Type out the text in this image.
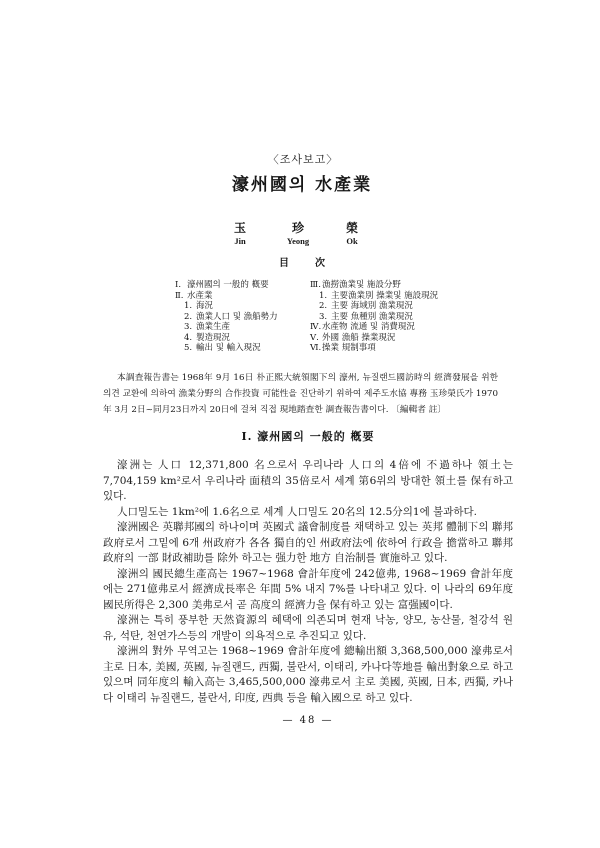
〈조사보고〉
濠州國의 水產業
玉
Jin
珍
Yeong
榮
Ok
目　次
Ⅰ. 濠州國의 一般的 槪要
Ⅱ. 水產業
1. 海況
2. 漁業人口 및 漁船勢力
3. 漁業生產
4. 製造現況
5. 輸出 및 輸入現況
Ⅲ.漁撈漁業및 施設分野
1. 主要漁業別 操業및 施設現況
2. 主要 海域別 漁業現況
3. 主要 魚種別 漁業現況
Ⅳ.水產物 流通 및 消費現況
Ⅴ. 外國 漁船 操業現況
Ⅵ.操業 規制事項

本調査報告書는 1968年 9月 16日 朴正熙大統領閣下의 濠州, 뉴질랜드國訪時의 經濟發展을 위한 의견 교환에 의하여 漁業分野의 合作投資 可能性을 진단하기 위하여 제주도水協 專務 玉珍榮氏가 1970年 3月 2日~同月23日까지 20日에 걸쳐 직접 現地踏査한 調査報告書이다. 〔編輯者 註〕

Ⅰ. 濠州國의 一般的 槪要

濠洲는 人口 12,371,800 名으로서 우리나라 人口의 4倍에 不過하나 領土는 7,704,159 km²로서 우리나라 面積의 35倍로서 세계 第6위의 방대한 領土를 保有하고 있다.

人口밀도는 1km²에 1.6名으로 세계 人口밀도 20名의 12.5分의1에 불과하다.

濠洲國은 英聯邦國의 하나이며 英國式 議會制度를 채택하고 있는 英邦 體制下의 聯邦政府로서 그밑에 6개 州政府가 各各 獨自的인 州政府法에 依하여 行政을 擔當하고 聯邦政府의 一部 財政補助를 除外 하고는 强力한 地方 自治制를 實施하고 있다.

濠洲의 國民總生產高는 1967~1968 會計年度에 242億弗, 1968~1969 會計年度에는 271億弗로서 經濟成長率은 年間 5% 내지 7%를 나타내고 있다. 이 나라의 69年度 國民所得은 2,300 美弗로서 곧 高度의 經濟力을 保有하고 있는 富强國이다.

濠洲는 특히 풍부한 天然資源의 혜택에 의존되며 현재 낙농, 양모, 농산물, 철강석 원유, 석탄, 천연가스등의 개발이 의욕적으로 추진되고 있다.

濠洲의 對外 무역고는 1968~1969 會計年度에 總輸出額 3,368,500,000 濠弗로서 主로 日本, 美國, 英國, 뉴질랜드, 西獨, 불란서, 이태리, 카나다等地를 輸出對象으로 하고 있으며 同年度의 輸入高는 3,465,500,000 濠弗로서 主로 美國, 英國, 日本, 西獨, 카나다 이태리 뉴질랜드, 불란서, 印度, 西典 등을 輸入國으로 하고 있다.

— 48 —
